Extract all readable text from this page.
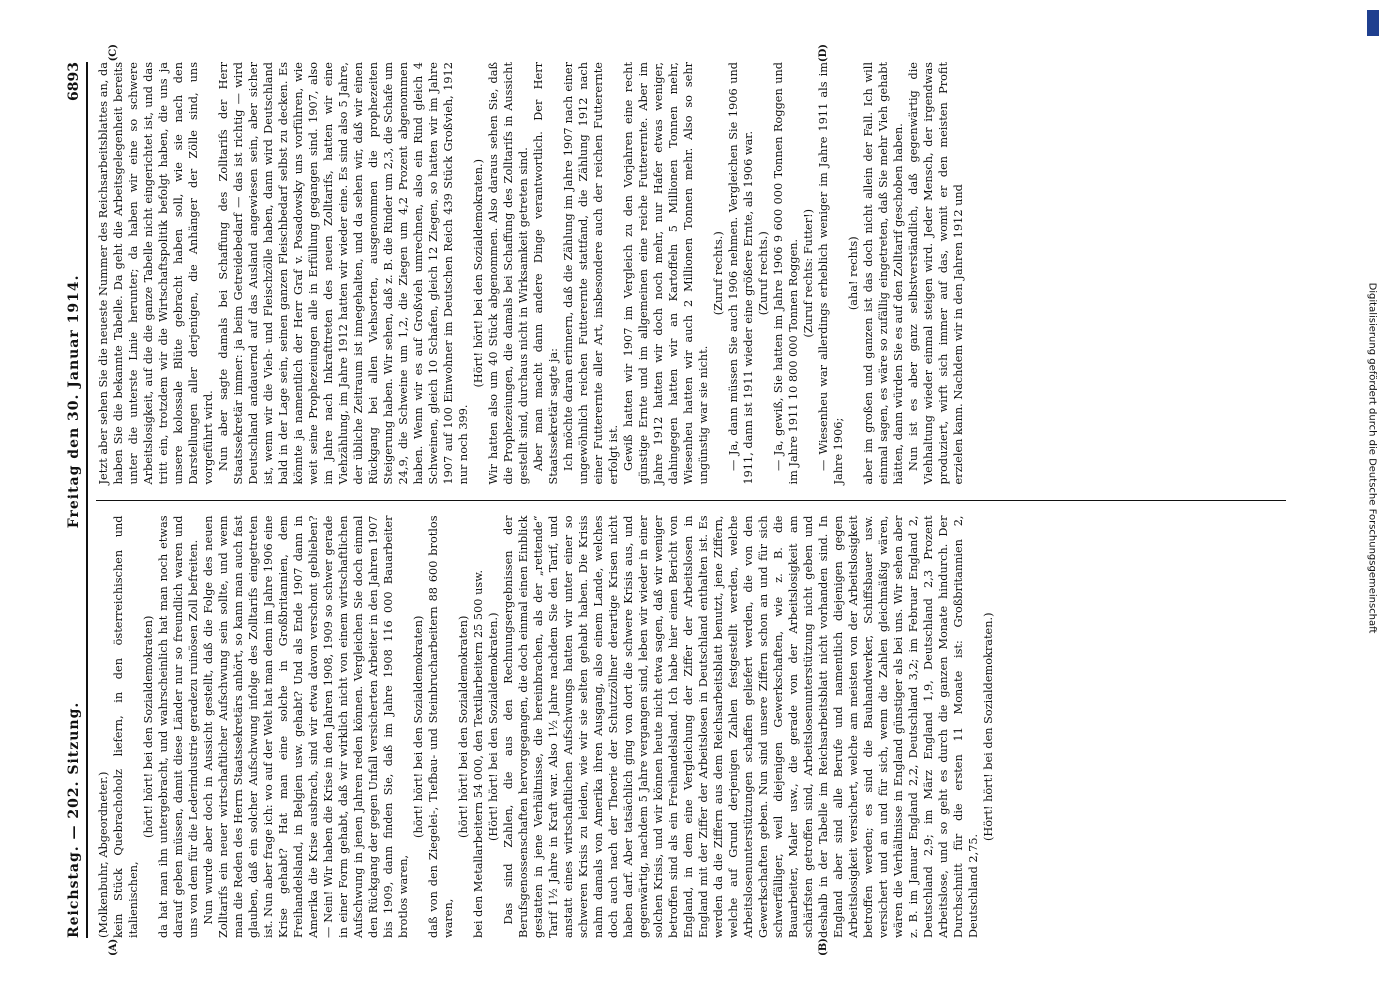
Reichstag. — 202. Sitzung.
Freitag den 30. Januar 1914.
6893
(A)	(B)

(Molkenbuhr, Abgeordneter.) kein Stück Quebrachoholz liefern, in den österreichischen und italienischen,

(hört! hört! bei den Sozialdemokraten) da hat man ihn untergebracht, und wahrscheinlich hat man noch etwas darauf geben müssen, damit diese Länder nur so freundlich waren und uns von dem für die Lederindustrie geradezu ruinösen Zoll befreiten. Nun wurde aber doch in Aussicht gestellt, daß die Folge des neuen Zolltarifs ein neuer wirtschaftlicher Aufschwung sein sollte, und wenn man die Reden des Herrn Staatssekretärs anhört, so kann man auch fast glauben, daß ein solcher Aufschwung infolge des Zolltarifs eingetreten ist. Nun aber frage ich: wo auf der Welt hat man denn im Jahre 1906 eine Krise gehabt? Hat man eine solche in Großbritannien, dem Freihandelsland, in Belgien usw. gehabt? Und als Ende 1907 dann in Amerika die Krise ausbrach, sind wir etwa davon verschont geblieben? — Nein! Wir haben die Krise in den Jahren 1908, 1909 so schwer gerade in einer Form gehabt, daß wir wirklich nicht von einem wirtschaftlichen Aufschwung in jenen Jahren reden können. Vergleichen Sie doch einmal den Rückgang der gegen Unfall versicherten Arbeiter in den Jahren 1907 bis 1909, dann finden Sie, daß im Jahre 1908 116 000 Bauarbeiter brotlos waren,

(hört! hört! bei den Sozialdemokraten) daß von den Ziegelei-, Tiefbau- und Steinbrucharbeitern 88 600 brotlos waren,

(hört! hört! bei den Sozialdemokraten) bei den Metallarbeitern 54 000, den Textilarbeitern 25 500 usw. (Hört! hört! bei den Sozialdemokraten.) Das sind Zahlen, die aus den Rechnungsergebnissen der Berufsgenossenschaften hervorgegangen, die doch einmal einen Einblick gestatten in jene Verhältnisse, die hereinbrachen, als der „rettende“ Tarif 1½ Jahre in Kraft war. Also 1½ Jahre nachdem Sie den Tarif, und anstatt eines wirtschaftlichen Aufschwungs hatten wir unter einer so schweren Krisis zu leiden, wie wir sie selten gehabt haben. Die Krisis nahm damals von Amerika ihren Ausgang, also einem Lande, welches doch auch nach der Theorie der Schutzzöllner derartige Krisen nicht haben darf. Aber tatsächlich ging von dort die schwere Krisis aus, und gegenwärtig, nachdem 5 Jahre vergangen sind, leben wir wieder in einer solchen Krisis, und wir können heute nicht etwa sagen, daß wir weniger betroffen sind als ein Freihandelsland. Ich habe hier einen Bericht von England, in dem eine Vergleichung der Ziffer der Arbeitslosen in England mit der Ziffer der Arbeitslosen in Deutschland enthalten ist. Es werden da die Ziffern aus dem Reichsarbeitsblatt benutzt, jene Ziffern, welche auf Grund derjenigen Zahlen festgestellt werden, welche Arbeitslosenunterstützungen schaffen geliefert werden, die von den Gewerkschaften geben. Nun sind unsere Ziffern schon an und für sich schwerfälliger, weil diejenigen Gewerkschaften, wie z. B. die Bauarbeiter, Maler usw., die gerade von der Arbeitslosigkeit am schärfsten getroffen sind, Arbeitslosenunterstützung nicht geben und deshalb in der Tabelle im Reichsarbeitsblatt nicht vorhanden sind. In England aber sind alle Berufe und namentlich diejenigen gegen Arbeitslosigkeit versichert, welche am meisten von der Arbeitslosigkeit betroffen werden; es sind die Bauhandwerker, Schiffsbauer usw. versichert und an und für sich, wenn die Zahlen gleichmäßig wären, wären die Verhältnisse in England günstiger als bei uns. Wir sehen aber z. B. im Januar England 2,2, Deutschland 3,2; im Februar England 2, Deutschland 2,9; im März England 1,9, Deutschland 2,3 Prozent Arbeitslose, und so geht es durch die ganzen Monate hindurch. Der Durchschnitt für die ersten 11 Monate ist: Großbritannien 2, Deutschland 2,75.

(Hört! hört! bei den Sozialdemokraten.)

(C)	(D)

Jetzt aber sehen Sie die neueste Nummer des Reichsarbeitsblattes an, da haben Sie die bekannte Tabelle. Da geht die Arbeitsgelegenheit bereits unter die unterste Linie herunter; da haben wir eine so schwere Arbeitslosigkeit, auf die die ganze Tabelle nicht eingerichtet ist, und das tritt ein, trotzdem wir die Wirtschaftspolitik befolgt haben, die uns ja unsere kolossale Blüte gebracht haben soll, wie sie nach den Darstellungen aller derjenigen, die Anhänger der Zölle sind, uns vorgeführt wird. Nun aber sagte damals bei Schaffung des Zolltarifs der Herr Staatssekretär immer: ja beim Getreidebedarf — das ist richtig — wird Deutschland andauernd auf das Ausland angewiesen sein, aber sicher ist, wenn wir die Vieh- und Fleischzölle haben, dann wird Deutschland bald in der Lage sein, seinen ganzen Fleischbedarf selbst zu decken. Es könnte ja namentlich der Herr Graf v. Posadowsky uns vorführen, wie weit seine Prophezeiungen alle in Erfüllung gegangen sind. 1907, also im Jahre nach Inkrafttreten des neuen Zolltarifs, hatten wir eine Viehzählung, im Jahre 1912 hatten wir wieder eine. Es sind also 5 Jahre, der übliche Zeitraum ist innegehalten, und da sehen wir, daß wir einen Rückgang bei allen Viehsorten, ausgenommen die prophezeiten Steigerung haben. Wir sehen, daß z. B. die Rinder um 2,3, die Schafe um 24,9, die Schweine um 1,2, die Ziegen um 4,2 Prozent abgenommen haben. Wenn wir es auf Großvieh umrechnen, also ein Rind gleich 4 Schweinen, gleich 10 Schafen, gleich 12 Ziegen, so hatten wir im Jahre 1907 auf 100 Einwohner im Deutschen Reich 439 Stück Großvieh, 1912 nur noch 399.

(Hört! hört! bei den Sozialdemokraten.) Wir hatten also um 40 Stück abgenommen. Also daraus sehen Sie, daß die Prophezeiungen, die damals bei Schaffung des Zolltarifs in Aussicht gestellt sind, durchaus nicht in Wirksamkeit getreten sind. Aber man macht dann andere Dinge verantwortlich. Der Herr Staatssekretär sagte ja: Ich möchte daran erinnern, daß die Zählung im Jahre 1907 nach einer ungewöhnlich reichen Futterernte stattfand, die Zählung 1912 nach einer Futterernte aller Art, insbesondere auch der reichen Futterernte erfolgt ist. Gewiß hatten wir 1907 im Vergleich zu den Vorjahren eine recht günstige Ernte und im allgemeinen eine reiche Futterernte. Aber im Jahre 1912 hatten wir doch noch mehr, nur Hafer etwas weniger, dahingegen hatten wir an Kartoffeln 5 Millionen Tonnen mehr, Wiesenheu hatten wir auch 2 Millionen Tonnen mehr. Also so sehr ungünstig war sie nicht.

(Zuruf rechts.) — Ja, dann müssen Sie auch 1906 nehmen. Vergleichen Sie 1906 und 1911, dann ist 1911 wieder eine größere Ernte, als 1906 war. (Zuruf rechts.) — Ja, gewiß, Sie hatten im Jahre 1906 9 600 000 Tonnen Roggen und im Jahre 1911 10 800 000 Tonnen Roggen. (Zuruf rechts: Futter!) — Wiesenheu war allerdings erheblich weniger im Jahre 1911 als im Jahre 1906;

(aha! rechts) aber im großen und ganzen ist das doch nicht allein der Fall. Ich will einmal sagen, es wäre so zufällig eingetreten, daß Sie mehr Vieh gehabt hätten, dann würden Sie es auf den Zolltarif geschoben haben. Nun ist es aber ganz selbstverständlich, daß gegenwärtig die Viehhaltung wieder einmal steigen wird. Jeder Mensch, der irgendwas produziert, wirft sich immer auf das, womit er den meisten Profit erzielen kann. Nachdem wir in den Jahren 1912 und	Digitalisierung gefördert durch die Deutsche Forschungsgemeinschaft
